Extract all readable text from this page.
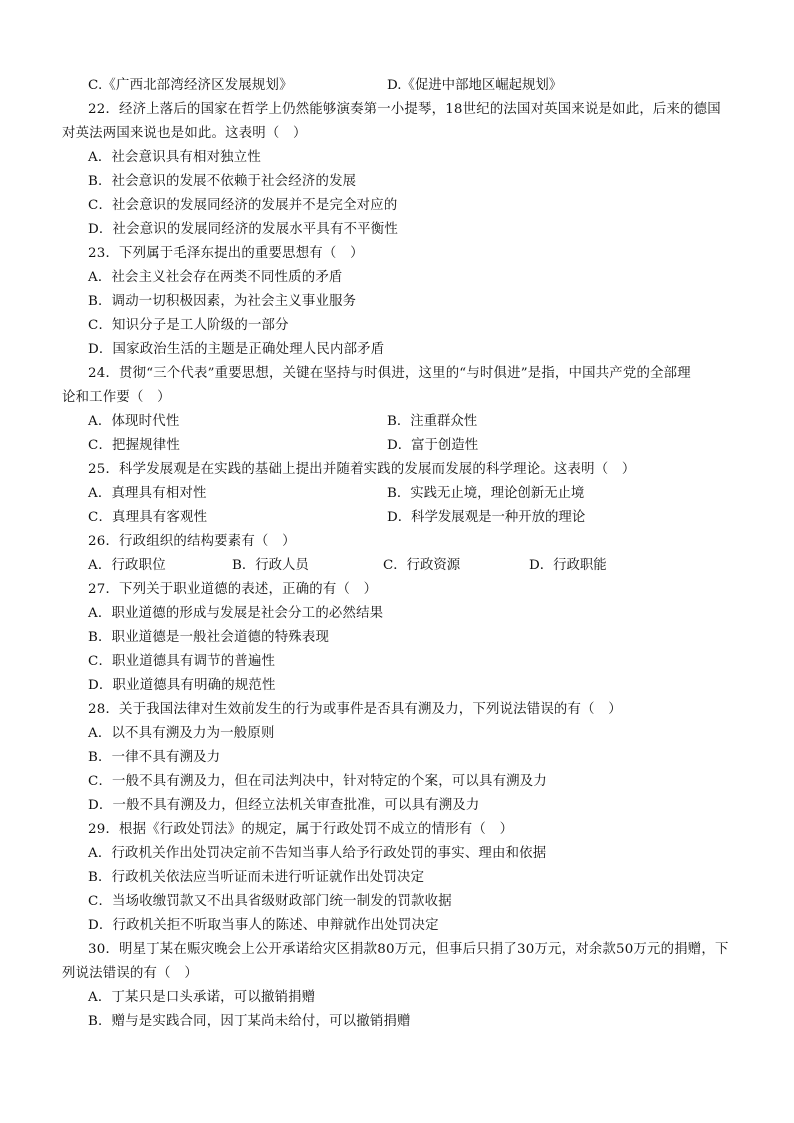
C.《广西北部湾经济区发展规划》	D.《促进中部地区崛起规划》
22．经济上落后的国家在哲学上仍然能够演奏第一小提琴，18世纪的法国对英国来说是如此，后来的德国
对英法两国来说也是如此。这表明（　）
A．社会意识具有相对独立性
B．社会意识的发展不依赖于社会经济的发展
C．社会意识的发展同经济的发展并不是完全对应的
D．社会意识的发展同经济的发展水平具有不平衡性
23．下列属于毛泽东提出的重要思想有（　）
A．社会主义社会存在两类不同性质的矛盾
B．调动一切积极因素，为社会主义事业服务
C．知识分子是工人阶级的一部分
D．国家政治生活的主题是正确处理人民内部矛盾
24．贯彻“三个代表”重要思想，关键在坚持与时俱进，这里的“与时俱进”是指，中国共产党的全部理
论和工作要（　）
A．体现时代性	B．注重群众性
C．把握规律性	D．富于创造性
25．科学发展观是在实践的基础上提出并随着实践的发展而发展的科学理论。这表明（　）
A．真理具有相对性	B．实践无止境，理论创新无止境
C．真理具有客观性	D．科学发展观是一种开放的理论
26．行政组织的结构要素有（　）
A．行政职位	B．行政人员	C．行政资源	D．行政职能
27．下列关于职业道德的表述，正确的有（　）
A．职业道德的形成与发展是社会分工的必然结果
B．职业道德是一般社会道德的特殊表现
C．职业道德具有调节的普遍性
D．职业道德具有明确的规范性
28．关于我国法律对生效前发生的行为或事件是否具有溯及力，下列说法错误的有（　）
A．以不具有溯及力为一般原则
B．一律不具有溯及力
C．一般不具有溯及力，但在司法判决中，针对特定的个案，可以具有溯及力
D．一般不具有溯及力，但经立法机关审查批准，可以具有溯及力
29．根据《行政处罚法》的规定，属于行政处罚不成立的情形有（　）
A．行政机关作出处罚决定前不告知当事人给予行政处罚的事实、理由和依据
B．行政机关依法应当听证而未进行听证就作出处罚决定
C．当场收缴罚款又不出具省级财政部门统一制发的罚款收据
D．行政机关拒不听取当事人的陈述、申辩就作出处罚决定
30．明星丁某在赈灾晚会上公开承诺给灾区捐款80万元，但事后只捐了30万元，对余款50万元的捐赠，下
列说法错误的有（　）
A．丁某只是口头承诺，可以撤销捐赠
B．赠与是实践合同，因丁某尚未给付，可以撤销捐赠
